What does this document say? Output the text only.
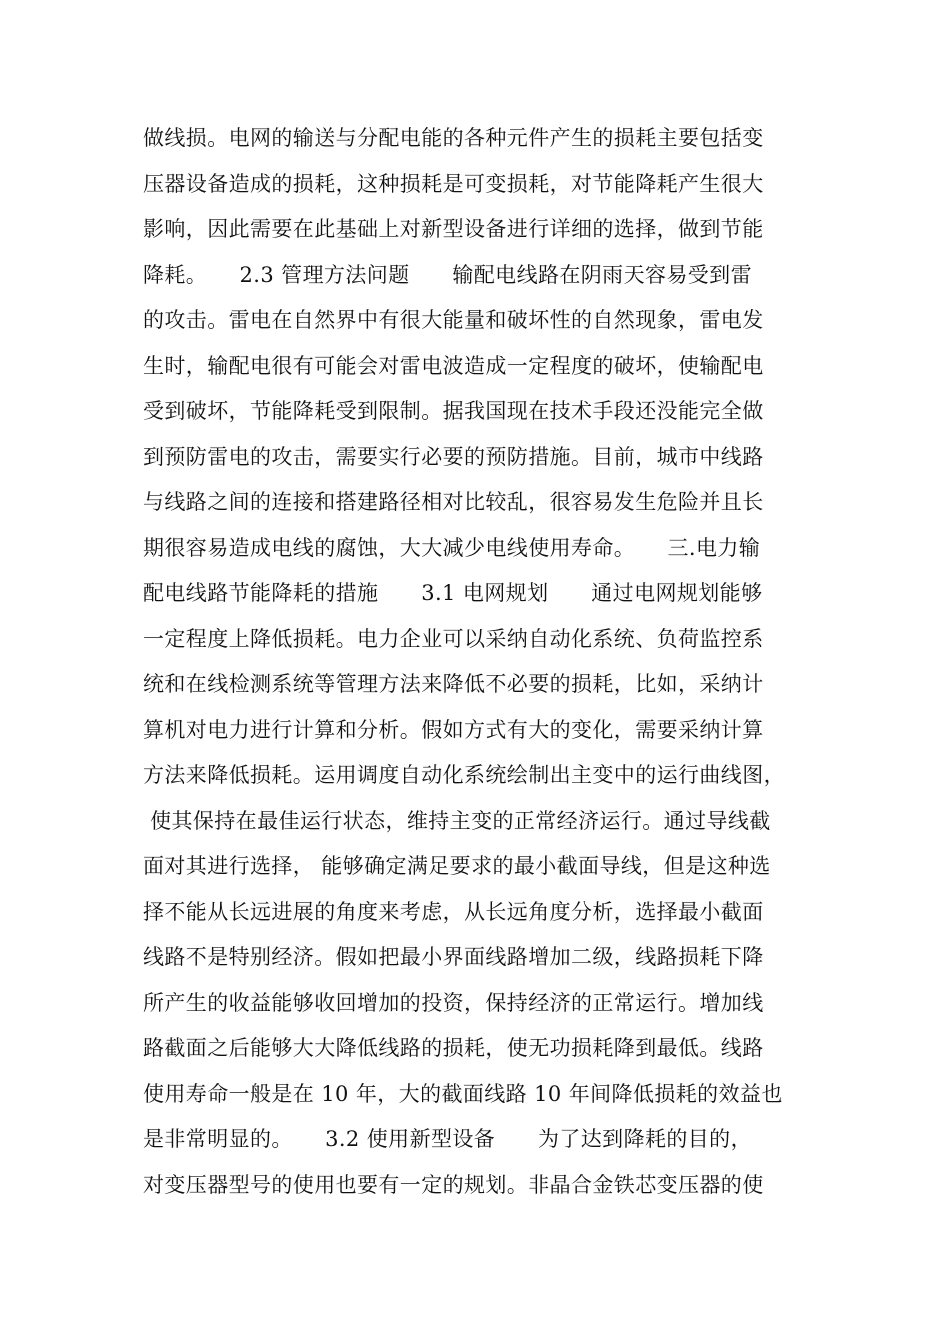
做线损。电网的输送与分配电能的各种元件产生的损耗主要包括变
压器设备造成的损耗，这种损耗是可变损耗，对节能降耗产生很大
影响，因此需要在此基础上对新型设备进行详细的选择，做到节能
降耗。　　2.3 管理方法问题　　输配电线路在阴雨天容易受到雷
的攻击。雷电在自然界中有很大能量和破坏性的自然现象，雷电发
生时，输配电很有可能会对雷电波造成一定程度的破坏，使输配电
受到破坏，节能降耗受到限制。据我国现在技术手段还没能完全做
到预防雷电的攻击，需要实行必要的预防措施。目前，城市中线路
与线路之间的连接和搭建路径相对比较乱，很容易发生危险并且长
期很容易造成电线的腐蚀，大大减少电线使用寿命。　　三.电力输
配电线路节能降耗的措施　　3.1 电网规划　　通过电网规划能够
一定程度上降低损耗。电力企业可以采纳自动化系统、负荷监控系
统和在线检测系统等管理方法来降低不必要的损耗，比如，采纳计
算机对电力进行计算和分析。假如方式有大的变化，需要采纳计算
方法来降低损耗。运用调度自动化系统绘制出主变中的运行曲线图，
使其保持在最佳运行状态，维持主变的正常经济运行。通过导线截
面对其进行选择， 能够确定满足要求的最小截面导线，但是这种选
择不能从长远进展的角度来考虑，从长远角度分析，选择最小截面
线路不是特别经济。假如把最小界面线路增加二级，线路损耗下降
所产生的收益能够收回增加的投资，保持经济的正常运行。增加线
路截面之后能够大大降低线路的损耗，使无功损耗降到最低。线路
使用寿命一般是在 10 年，大的截面线路 10 年间降低损耗的效益也
是非常明显的。　　3.2 使用新型设备　　为了达到降耗的目的，
对变压器型号的使用也要有一定的规划。非晶合金铁芯变压器的使
